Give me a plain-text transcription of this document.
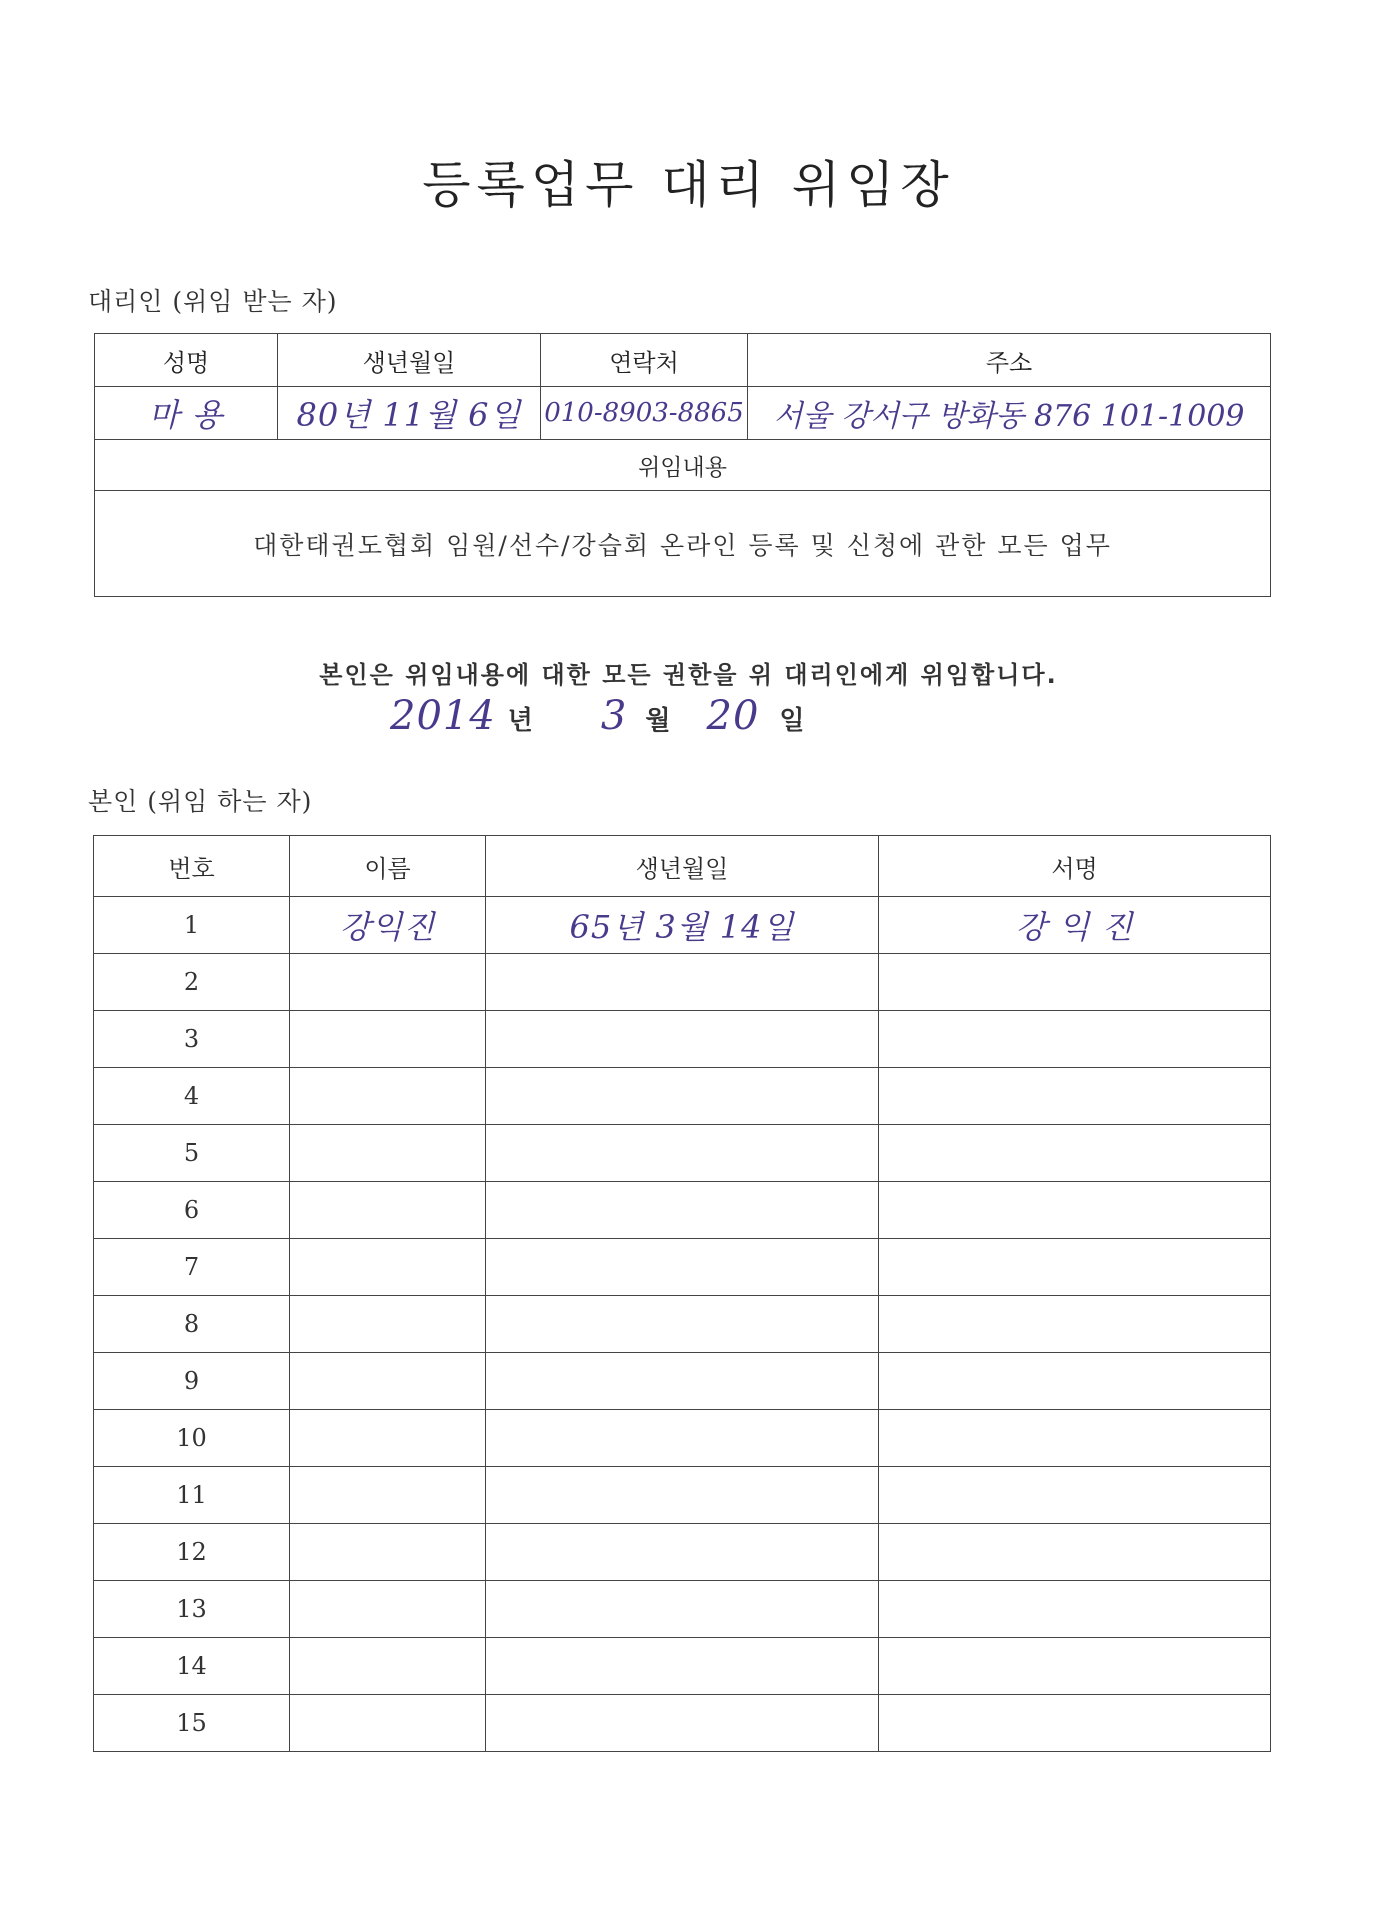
등록업무 대리 위임장
대리인 (위임 받는 자)
성명	생년월일	연락처	주소
마 용	80년 11월 6일	010-8903-8865	서울 강서구 방화동 876 101-1009
위임내용			
대한태권도협회 임원/선수/강습회 온라인 등록 및 신청에 관한 모든 업무			
본인은 위임내용에 대한 모든 권한을 위 대리인에게 위임합니다.
2014 년 3 월 20 일
본인 (위임 하는 자)
번호	이름	생년월일	서명
1	강익진	65년 3월 14일	강 익 진
2			
3			
4			
5			
6			
7			
8			
9			
10			
11			
12			
13			
14			
15			
